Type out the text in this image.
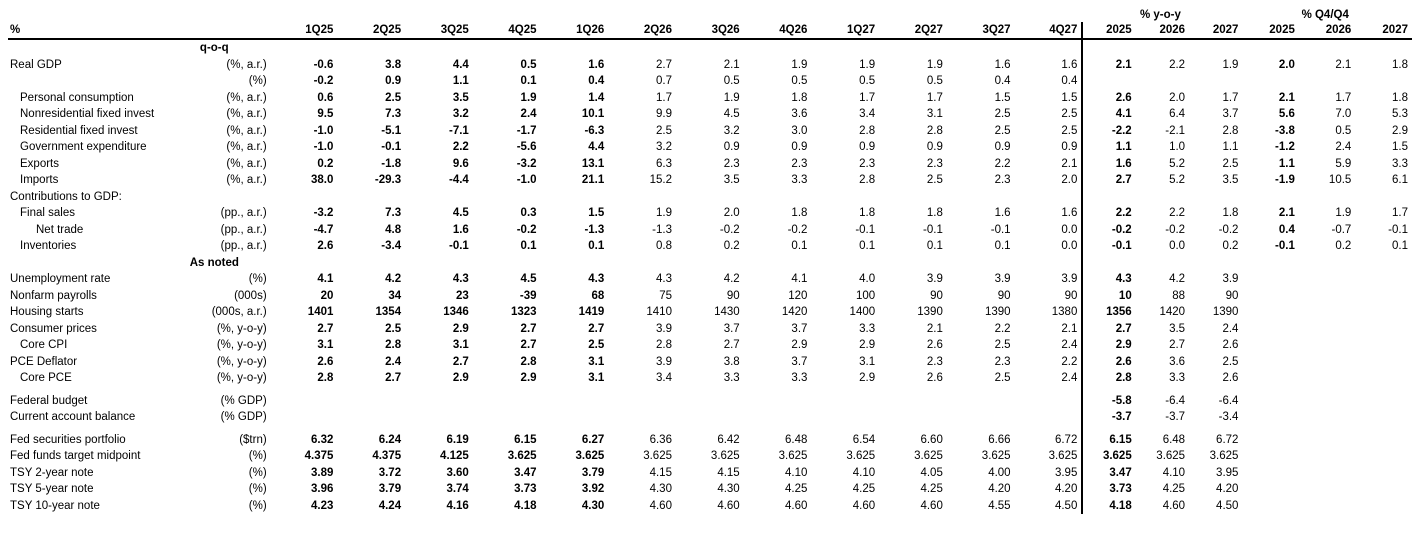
														% y-o-y			% Q4/Q4		
%		1Q25	2Q25	3Q25	4Q25	1Q26	2Q26	3Q26	4Q26	1Q27	2Q27	3Q27	4Q27	2025	2026	2027	2025	2026	2027
	q-o-q																		
Real GDP	(%, a.r.)	-0.6	3.8	4.4	0.5	1.6	2.7	2.1	1.9	1.9	1.9	1.6	1.6	2.1	2.2	1.9	2.0	2.1	1.8
	(%)	-0.2	0.9	1.1	0.1	0.4	0.7	0.5	0.5	0.5	0.5	0.4	0.4						
Personal consumption	(%, a.r.)	0.6	2.5	3.5	1.9	1.4	1.7	1.9	1.8	1.7	1.7	1.5	1.5	2.6	2.0	1.7	2.1	1.7	1.8
Nonresidential fixed invest	(%, a.r.)	9.5	7.3	3.2	2.4	10.1	9.9	4.5	3.6	3.4	3.1	2.5	2.5	4.1	6.4	3.7	5.6	7.0	5.3
Residential fixed invest	(%, a.r.)	-1.0	-5.1	-7.1	-1.7	-6.3	2.5	3.2	3.0	2.8	2.8	2.5	2.5	-2.2	-2.1	2.8	-3.8	0.5	2.9
Government expenditure	(%, a.r.)	-1.0	-0.1	2.2	-5.6	4.4	3.2	0.9	0.9	0.9	0.9	0.9	0.9	1.1	1.0	1.1	-1.2	2.4	1.5
Exports	(%, a.r.)	0.2	-1.8	9.6	-3.2	13.1	6.3	2.3	2.3	2.3	2.3	2.2	2.1	1.6	5.2	2.5	1.1	5.9	3.3
Imports	(%, a.r.)	38.0	-29.3	-4.4	-1.0	21.1	15.2	3.5	3.3	2.8	2.5	2.3	2.0	2.7	5.2	3.5	-1.9	10.5	6.1
Contributions to GDP:																			
Final sales	(pp., a.r.)	-3.2	7.3	4.5	0.3	1.5	1.9	2.0	1.8	1.8	1.8	1.6	1.6	2.2	2.2	1.8	2.1	1.9	1.7
Net trade	(pp., a.r.)	-4.7	4.8	1.6	-0.2	-1.3	-1.3	-0.2	-0.2	-0.1	-0.1	-0.1	0.0	-0.2	-0.2	-0.2	0.4	-0.7	-0.1
Inventories	(pp., a.r.)	2.6	-3.4	-0.1	0.1	0.1	0.8	0.2	0.1	0.1	0.1	0.1	0.0	-0.1	0.0	0.2	-0.1	0.2	0.1
	As noted																		
Unemployment rate	(%)	4.1	4.2	4.3	4.5	4.3	4.3	4.2	4.1	4.0	3.9	3.9	3.9	4.3	4.2	3.9			
Nonfarm payrolls	(000s)	20	34	23	-39	68	75	90	120	100	90	90	90	10	88	90			
Housing starts	(000s, a.r.)	1401	1354	1346	1323	1419	1410	1430	1420	1400	1390	1390	1380	1356	1420	1390			
Consumer prices	(%, y-o-y)	2.7	2.5	2.9	2.7	2.7	3.9	3.7	3.7	3.3	2.1	2.2	2.1	2.7	3.5	2.4			
Core CPI	(%, y-o-y)	3.1	2.8	3.1	2.7	2.5	2.8	2.7	2.9	2.9	2.6	2.5	2.4	2.9	2.7	2.6			
PCE Deflator	(%, y-o-y)	2.6	2.4	2.7	2.8	3.1	3.9	3.8	3.7	3.1	2.3	2.3	2.2	2.6	3.6	2.5			
Core PCE	(%, y-o-y)	2.8	2.7	2.9	2.9	3.1	3.4	3.3	3.3	2.9	2.6	2.5	2.4	2.8	3.3	2.6			

Federal budget	(% GDP)													-5.8	-6.4	-6.4			
Current account balance	(% GDP)													-3.7	-3.7	-3.4			

Fed securities portfolio	($trn)	6.32	6.24	6.19	6.15	6.27	6.36	6.42	6.48	6.54	6.60	6.66	6.72	6.15	6.48	6.72			
Fed funds target midpoint	(%)	4.375	4.375	4.125	3.625	3.625	3.625	3.625	3.625	3.625	3.625	3.625	3.625	3.625	3.625	3.625			
TSY 2-year note	(%)	3.89	3.72	3.60	3.47	3.79	4.15	4.15	4.10	4.10	4.05	4.00	3.95	3.47	4.10	3.95			
TSY 5-year note	(%)	3.96	3.79	3.74	3.73	3.92	4.30	4.30	4.25	4.25	4.25	4.20	4.20	3.73	4.25	4.20			
TSY 10-year note	(%)	4.23	4.24	4.16	4.18	4.30	4.60	4.60	4.60	4.60	4.60	4.55	4.50	4.18	4.60	4.50			
